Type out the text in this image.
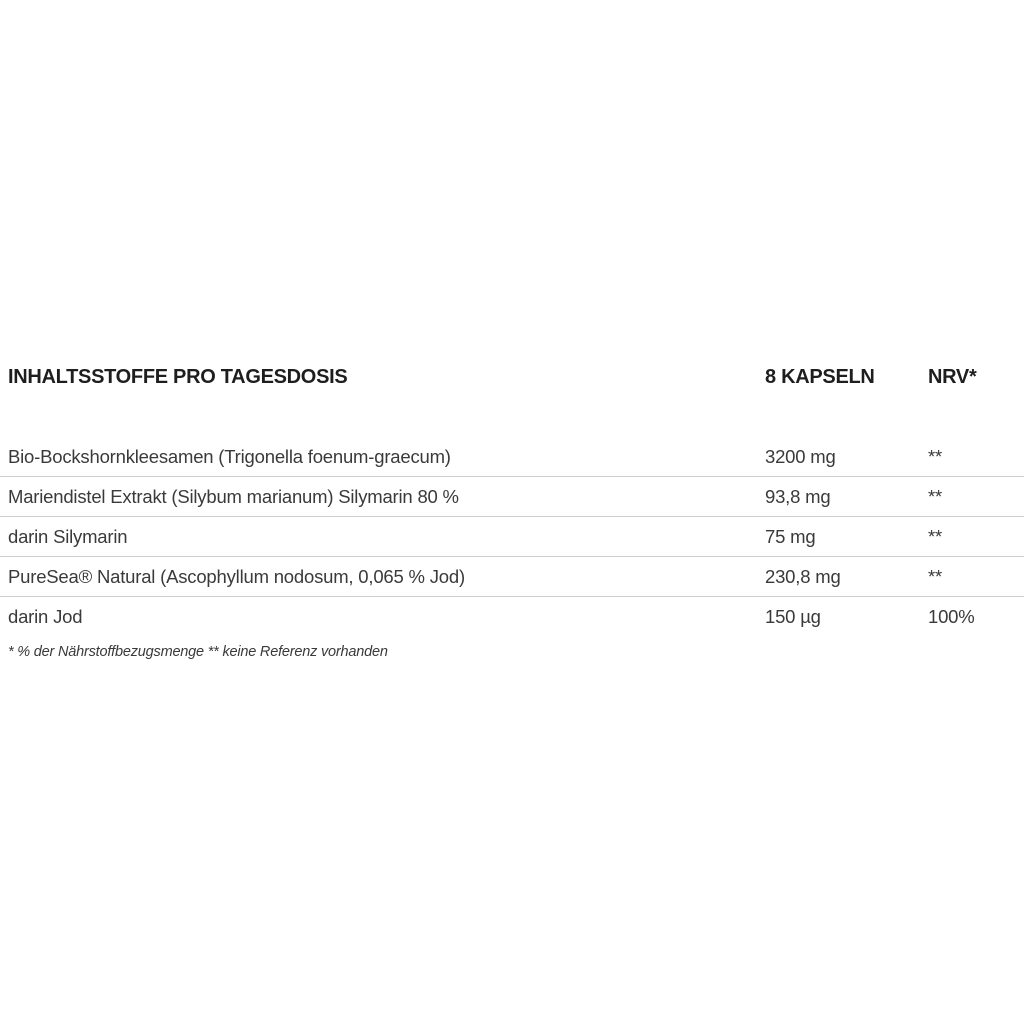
INHALTSSTOFFE PRO TAGESDOSIS	8 KAPSELN	NRV*
Bio-Bockshornkleesamen (Trigonella foenum-graecum)	3200 mg	**
Mariendistel Extrakt (Silybum marianum) Silymarin 80 %	93,8 mg	**
darin Silymarin	75 mg	**
PureSea® Natural (Ascophyllum nodosum, 0,065 % Jod)	230,8 mg	**
darin Jod	150 µg	100%
* % der Nährstoffbezugsmenge ** keine Referenz vorhanden
